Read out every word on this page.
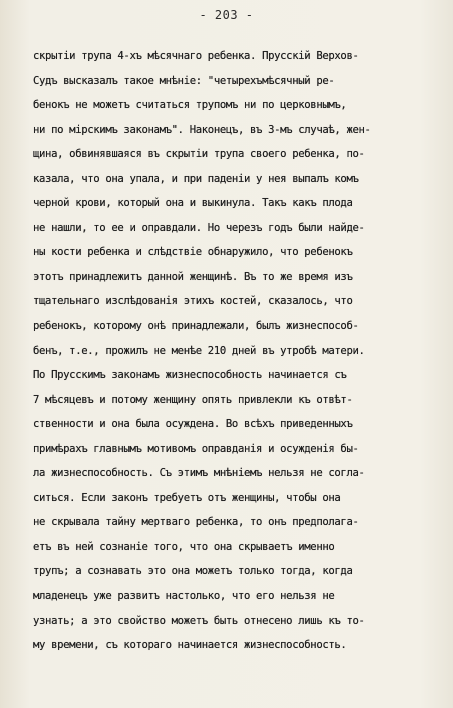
- 203 -
скрытіи трупа 4-хъ мѣсячнаго ребенка. Прусскій Верхов-
Судъ высказалъ такое мнѣніе: "четырехъмѣсячный ре-
бенокъ не можетъ считаться трупомъ ни по церковнымъ,
ни по мірскимъ законамъ". Наконецъ, въ 3-мъ случаѣ, жен-
щина, обвинявшаяся въ скрытіи трупа своего ребенка, по-
казала, что она упала, и при паденіи у нея выпалъ комъ
черной крови, который она и выкинула. Такъ какъ плода
не нашли, то ее и оправдали. Но черезъ годъ были найде-
ны кости ребенка и слѣдствіе обнаружило, что ребенокъ
этотъ принадлежитъ данной женщинѣ. Въ то же время изъ
тщательнаго изслѣдованія этихъ костей, сказалось, что
ребенокъ, которому онѣ принадлежали, былъ жизнеспособ-
бенъ, т.е., прожилъ не менѣе 210 дней въ утробѣ матери.
По Прусскимъ законамъ жизнеспособность начинается съ
7 мѣсяцевъ и потому женщину опять привлекли къ отвѣт-
ственности и она была осуждена. Во всѣхъ приведенныхъ
примѣрахъ главнымъ мотивомъ оправданія и осужденія бы-
ла жизнеспособность. Съ этимъ мнѣніемъ нельзя не согла-
ситься. Если законъ требуетъ отъ женщины, чтобы она
не скрывала тайну мертваго ребенка, то онъ предполага-
етъ въ ней сознаніе того, что она скрываетъ именно
трупъ; а сознавать это она можетъ только тогда, когда
младенецъ уже развитъ настолько, что его нельзя не
узнать; а это свойство можетъ быть отнесено лишь къ то-
му времени, съ котораго начинается жизнеспособность.
